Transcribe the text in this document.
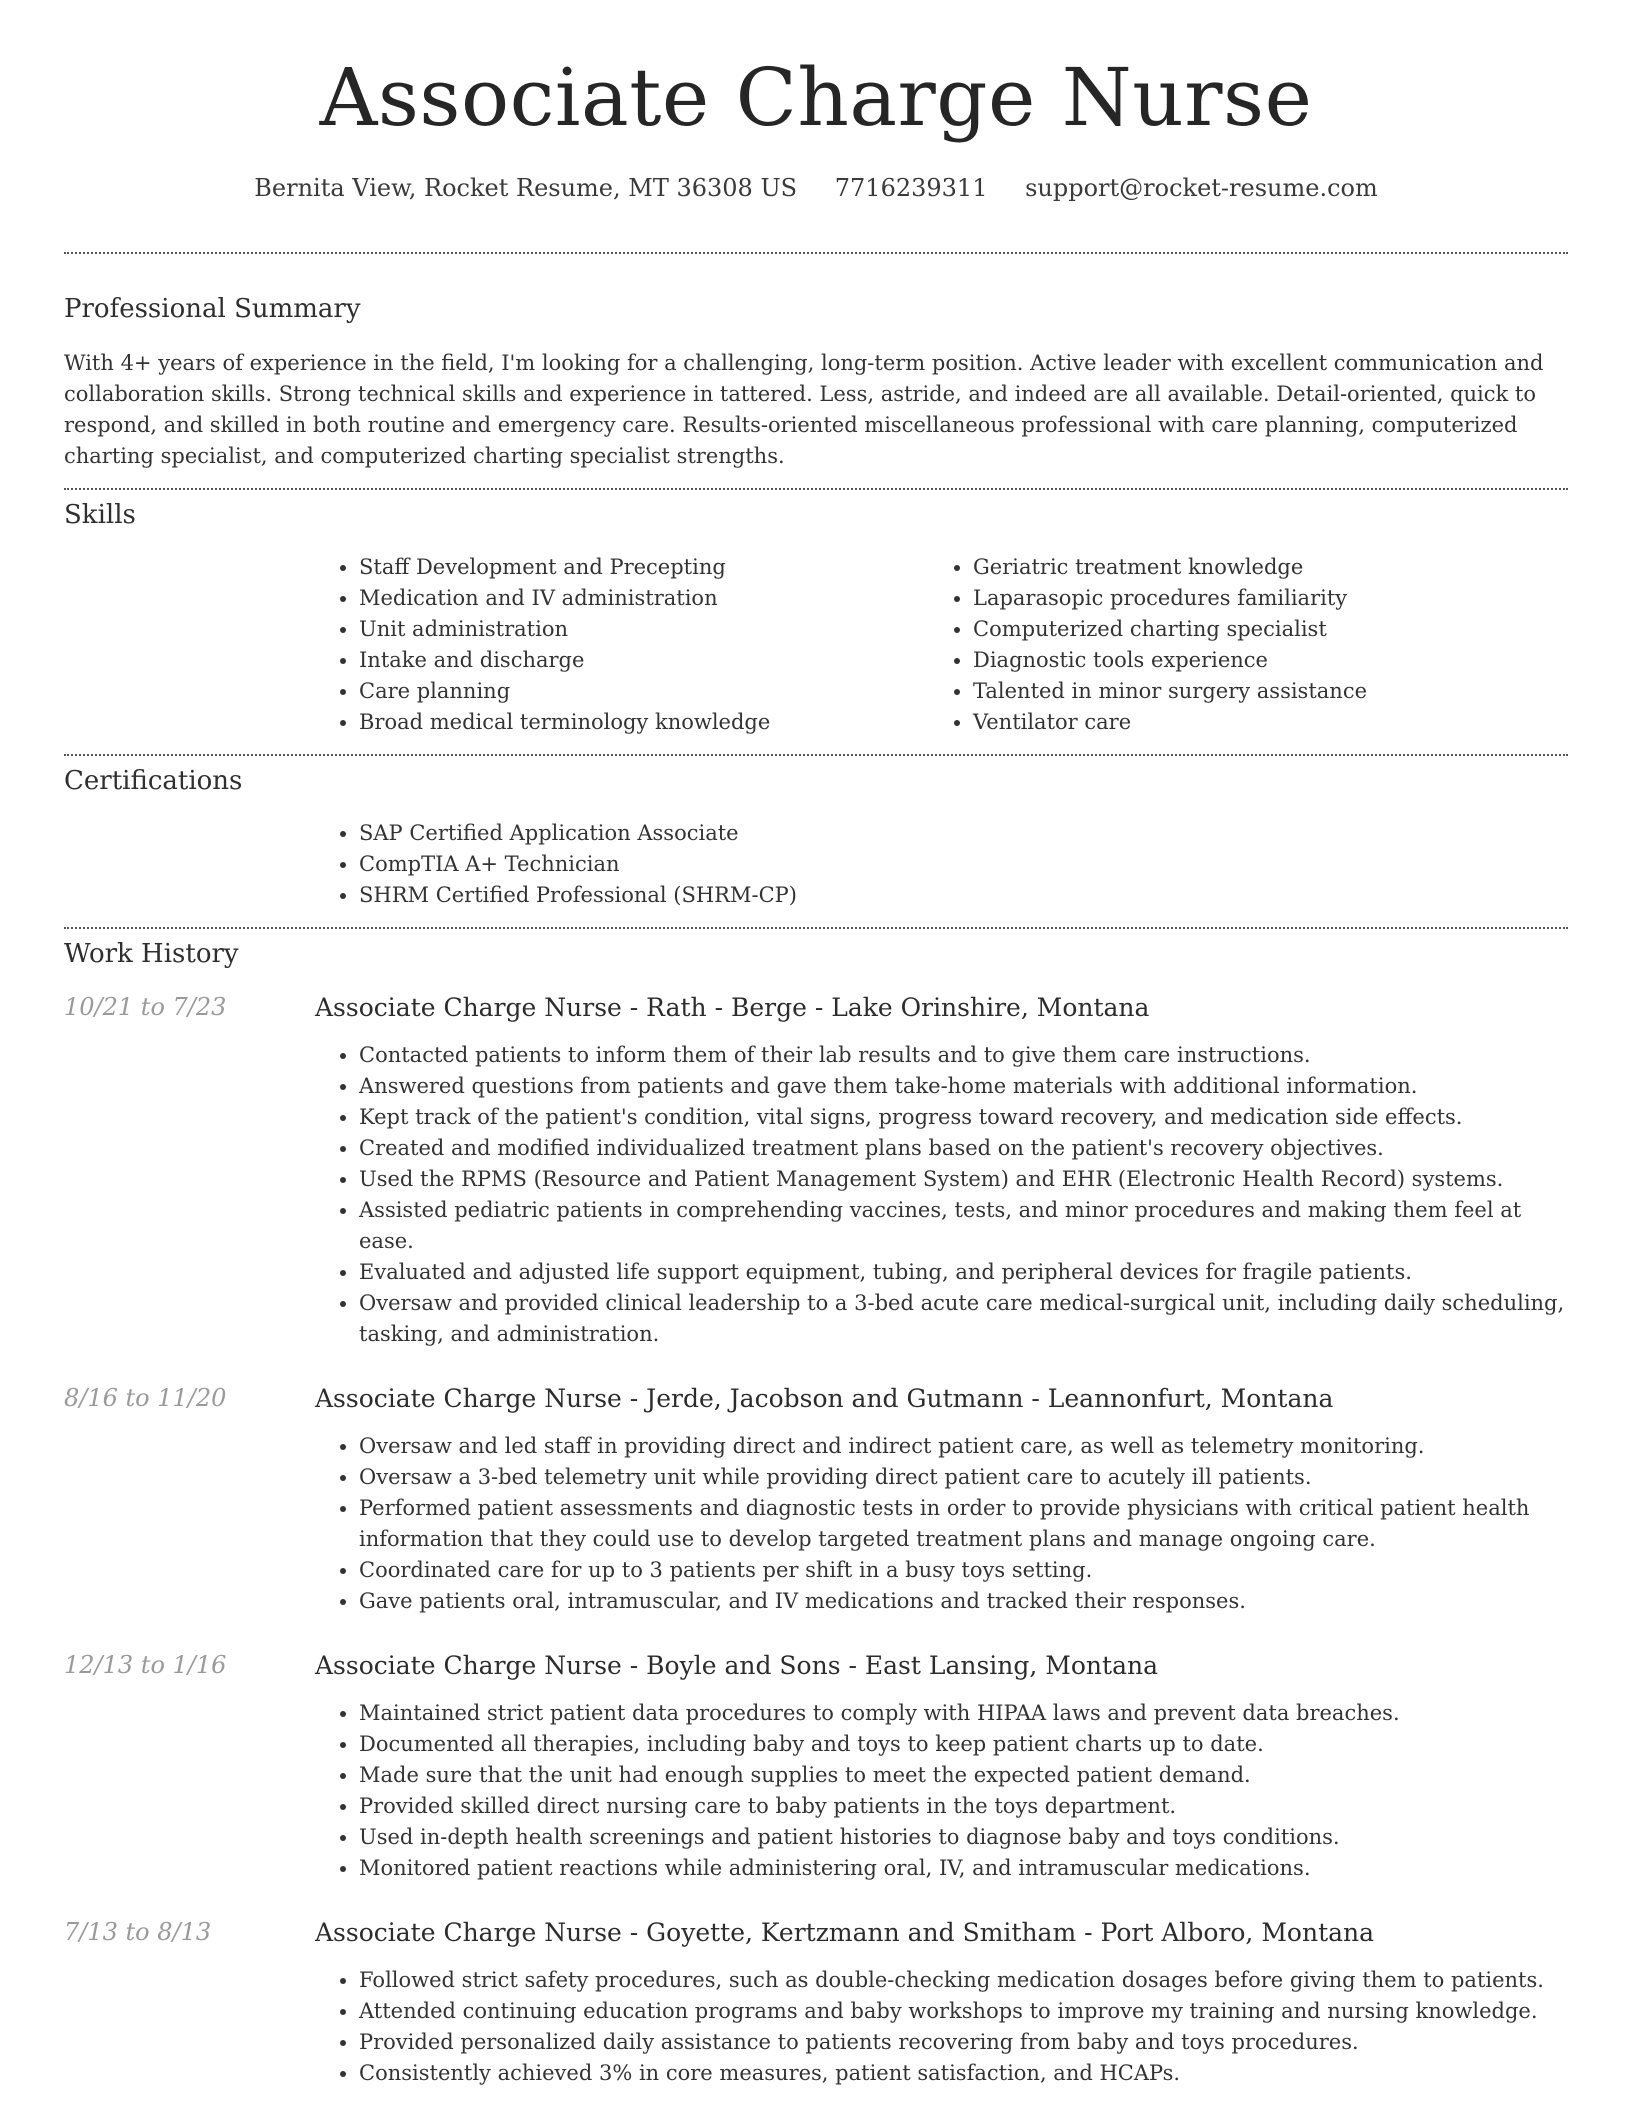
Associate Charge Nurse
Bernita View, Rocket Resume, MT 36308 US 7716239311 support@rocket-resume.com
Professional Summary

With 4+ years of experience in the field, I'm looking for a challenging, long-term position. Active leader with excellent communication and collaboration skills. Strong technical skills and experience in tattered. Less, astride, and indeed are all available. Detail-oriented, quick to respond, and skilled in both routine and emergency care. Results-oriented miscellaneous professional with care planning, computerized charting specialist, and computerized charting specialist strengths.

Skills
• Staff Development and Precepting
• Medication and IV administration
• Unit administration
• Intake and discharge
• Care planning
• Broad medical terminology knowledge
• Geriatric treatment knowledge
• Laparasopic procedures familiarity
• Computerized charting specialist
• Diagnostic tools experience
• Talented in minor surgery assistance
• Ventilator care
Certifications
• SAP Certified Application Associate
• CompTIA A+ Technician
• SHRM Certified Professional (SHRM-CP)
Work History
10/21 to 7/23	Associate Charge Nurse - Rath - Berge - Lake Orinshire, Montana
• Contacted patients to inform them of their lab results and to give them care instructions.
• Answered questions from patients and gave them take-home materials with additional information.
• Kept track of the patient's condition, vital signs, progress toward recovery, and medication side effects.
• Created and modified individualized treatment plans based on the patient's recovery objectives.
• Used the RPMS (Resource and Patient Management System) and EHR (Electronic Health Record) systems.
• Assisted pediatric patients in comprehending vaccines, tests, and minor procedures and making them feel at ease.
• Evaluated and adjusted life support equipment, tubing, and peripheral devices for fragile patients.
• Oversaw and provided clinical leadership to a 3-bed acute care medical-surgical unit, including daily scheduling, tasking, and administration.
8/16 to 11/20	Associate Charge Nurse - Jerde, Jacobson and Gutmann - Leannonfurt, Montana
• Oversaw and led staff in providing direct and indirect patient care, as well as telemetry monitoring.
• Oversaw a 3-bed telemetry unit while providing direct patient care to acutely ill patients.
• Performed patient assessments and diagnostic tests in order to provide physicians with critical patient health information that they could use to develop targeted treatment plans and manage ongoing care.
• Coordinated care for up to 3 patients per shift in a busy toys setting.
• Gave patients oral, intramuscular, and IV medications and tracked their responses.
12/13 to 1/16	Associate Charge Nurse - Boyle and Sons - East Lansing, Montana
• Maintained strict patient data procedures to comply with HIPAA laws and prevent data breaches.
• Documented all therapies, including baby and toys to keep patient charts up to date.
• Made sure that the unit had enough supplies to meet the expected patient demand.
• Provided skilled direct nursing care to baby patients in the toys department.
• Used in-depth health screenings and patient histories to diagnose baby and toys conditions.
• Monitored patient reactions while administering oral, IV, and intramuscular medications.
7/13 to 8/13	Associate Charge Nurse - Goyette, Kertzmann and Smitham - Port Alboro, Montana
• Followed strict safety procedures, such as double-checking medication dosages before giving them to patients.
• Attended continuing education programs and baby workshops to improve my training and nursing knowledge.
• Provided personalized daily assistance to patients recovering from baby and toys procedures.
• Consistently achieved 3% in core measures, patient satisfaction, and HCAPs.
